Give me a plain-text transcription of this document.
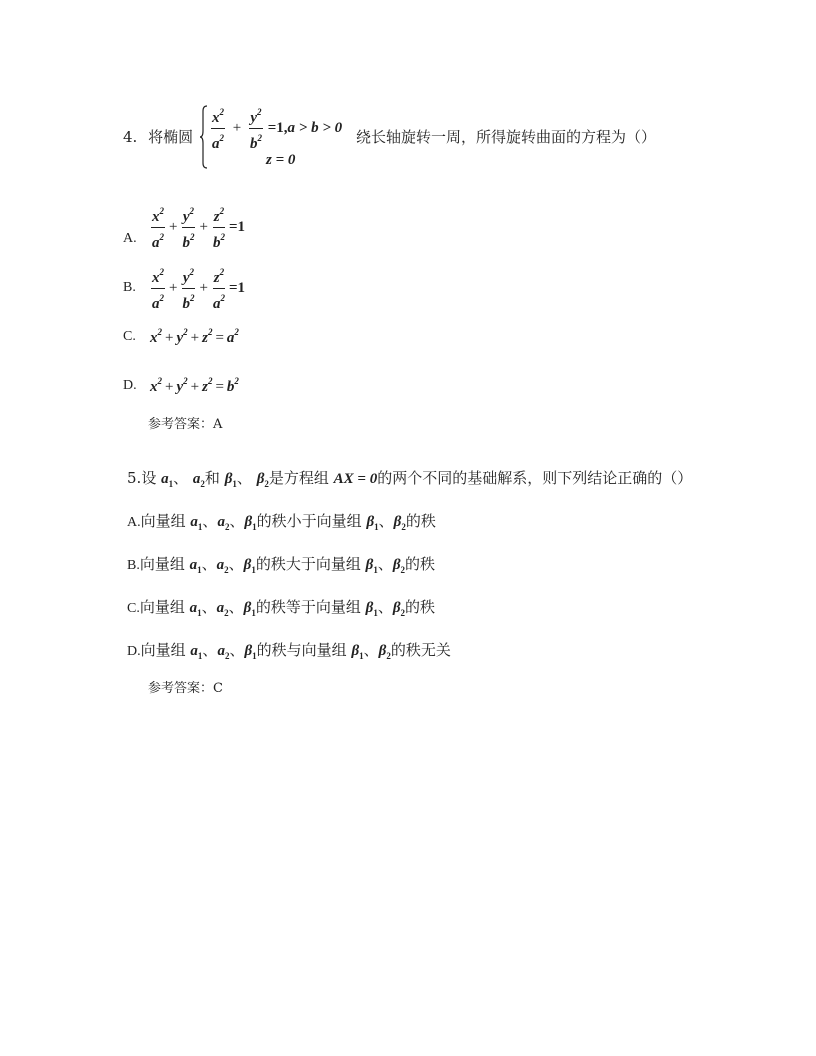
4. 将椭圆 $\frac{x^2}{a^2} + \frac{y^2}{b^2} =1,a > b > 0$
z = 0
绕长轴旋转一周，所得旋转曲面的方程为（）
A. $\frac{x^2}{a^2} + \frac{y^2}{b^2} + \frac{z^2}{b^2} =1$
B. $\frac{x^2}{a^2} + \frac{y^2}{b^2} + \frac{z^2}{a^2} =1$
C. $x^2 + y^2 + z^2 = a^2$
D. $x^2 + y^2 + z^2 = b^2$
参考答案：A
5.设 $a_1$、 $a_2$和 $\beta_1$、 $\beta_2$是方程组 AX = 0的两个不同的基础解系，则下列结论正确的（）
A.向量组 $a_1$、$a_2$、$\beta_1$的秩小于向量组 $\beta_1$、$\beta_2$的秩
B.向量组 $a_1$、$a_2$、$\beta_1$的秩大于向量组 $\beta_1$、$\beta_2$的秩
C.向量组 $a_1$、$a_2$、$\beta_1$的秩等于向量组 $\beta_1$、$\beta_2$的秩
D.向量组 $a_1$、$a_2$、$\beta_1$的秩与向量组 $\beta_1$、$\beta_2$的秩无关
参考答案：C
